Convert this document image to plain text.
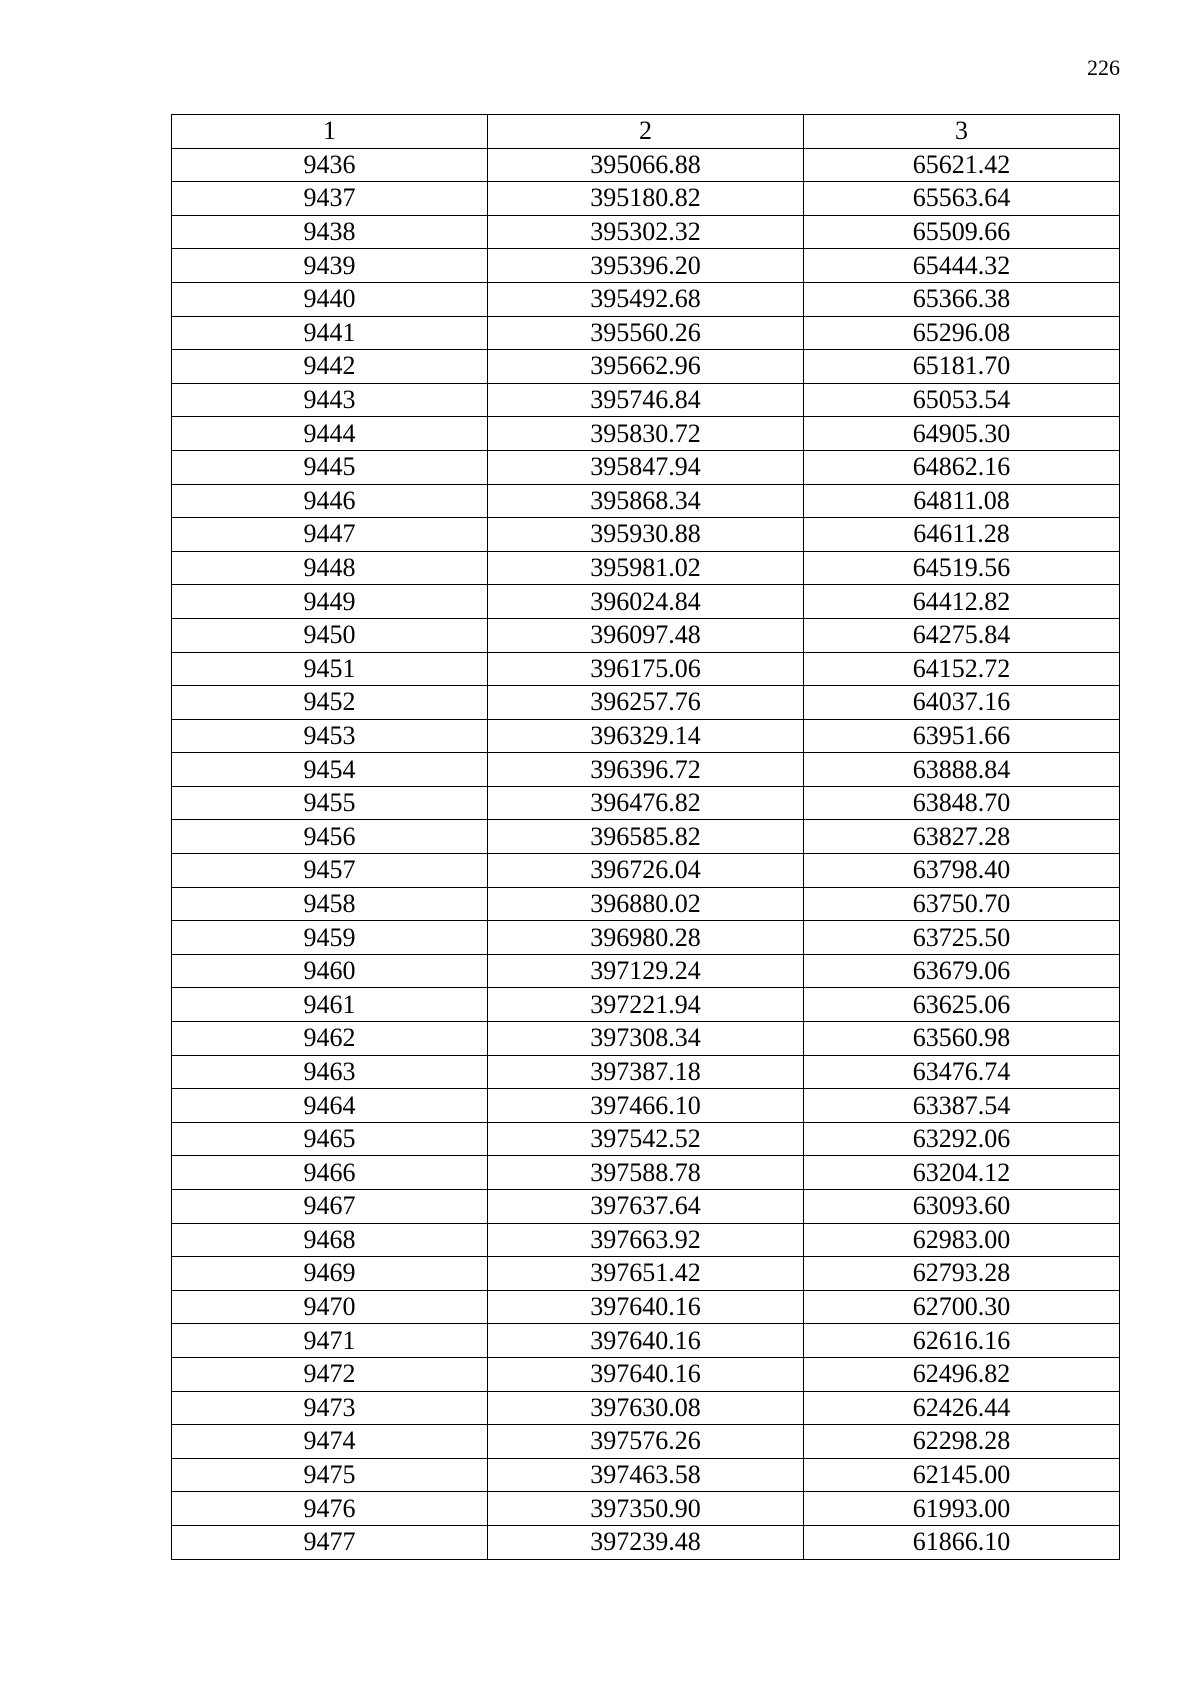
226
1	2	3
9436	395066.88	65621.42
9437	395180.82	65563.64
9438	395302.32	65509.66
9439	395396.20	65444.32
9440	395492.68	65366.38
9441	395560.26	65296.08
9442	395662.96	65181.70
9443	395746.84	65053.54
9444	395830.72	64905.30
9445	395847.94	64862.16
9446	395868.34	64811.08
9447	395930.88	64611.28
9448	395981.02	64519.56
9449	396024.84	64412.82
9450	396097.48	64275.84
9451	396175.06	64152.72
9452	396257.76	64037.16
9453	396329.14	63951.66
9454	396396.72	63888.84
9455	396476.82	63848.70
9456	396585.82	63827.28
9457	396726.04	63798.40
9458	396880.02	63750.70
9459	396980.28	63725.50
9460	397129.24	63679.06
9461	397221.94	63625.06
9462	397308.34	63560.98
9463	397387.18	63476.74
9464	397466.10	63387.54
9465	397542.52	63292.06
9466	397588.78	63204.12
9467	397637.64	63093.60
9468	397663.92	62983.00
9469	397651.42	62793.28
9470	397640.16	62700.30
9471	397640.16	62616.16
9472	397640.16	62496.82
9473	397630.08	62426.44
9474	397576.26	62298.28
9475	397463.58	62145.00
9476	397350.90	61993.00
9477	397239.48	61866.10
